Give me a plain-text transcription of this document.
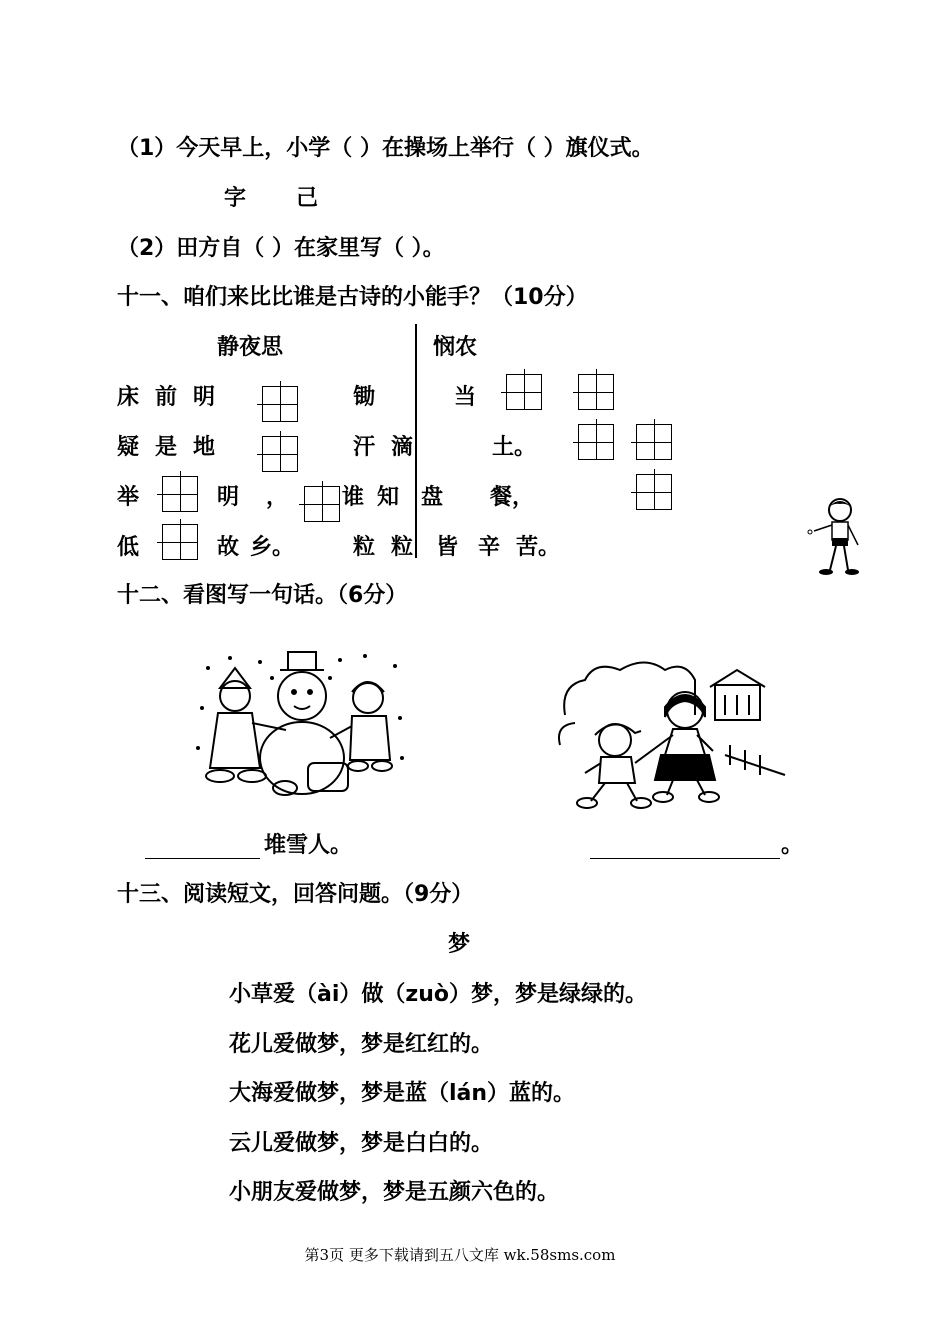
（1）今天早上，小学（ ）在操场上举行（ ）旗仪式。
字 己
（2）田方自（ ）在家里写（ ）。
十一、咱们来比比谁是古诗的小能手？（10分）
静夜思	悯农
床 前 明
疑 是 地
举	明 ，
低	故 乡。
锄	当
汗 滴	土。
谁 知 盘 餐，
粒 粒 皆 辛 苦。
十二、看图写一句话。（6分）
堆雪人。	。
十三、阅读短文，回答问题。（9分）
梦
小草爱（ài）做（zuò）梦，梦是绿绿的。
花儿爱做梦，梦是红红的。
大海爱做梦，梦是蓝（lán）蓝的。
云儿爱做梦，梦是白白的。
小朋友爱做梦，梦是五颜六色的。
第3页 更多下载请到五八文库 wk.58sms.com
